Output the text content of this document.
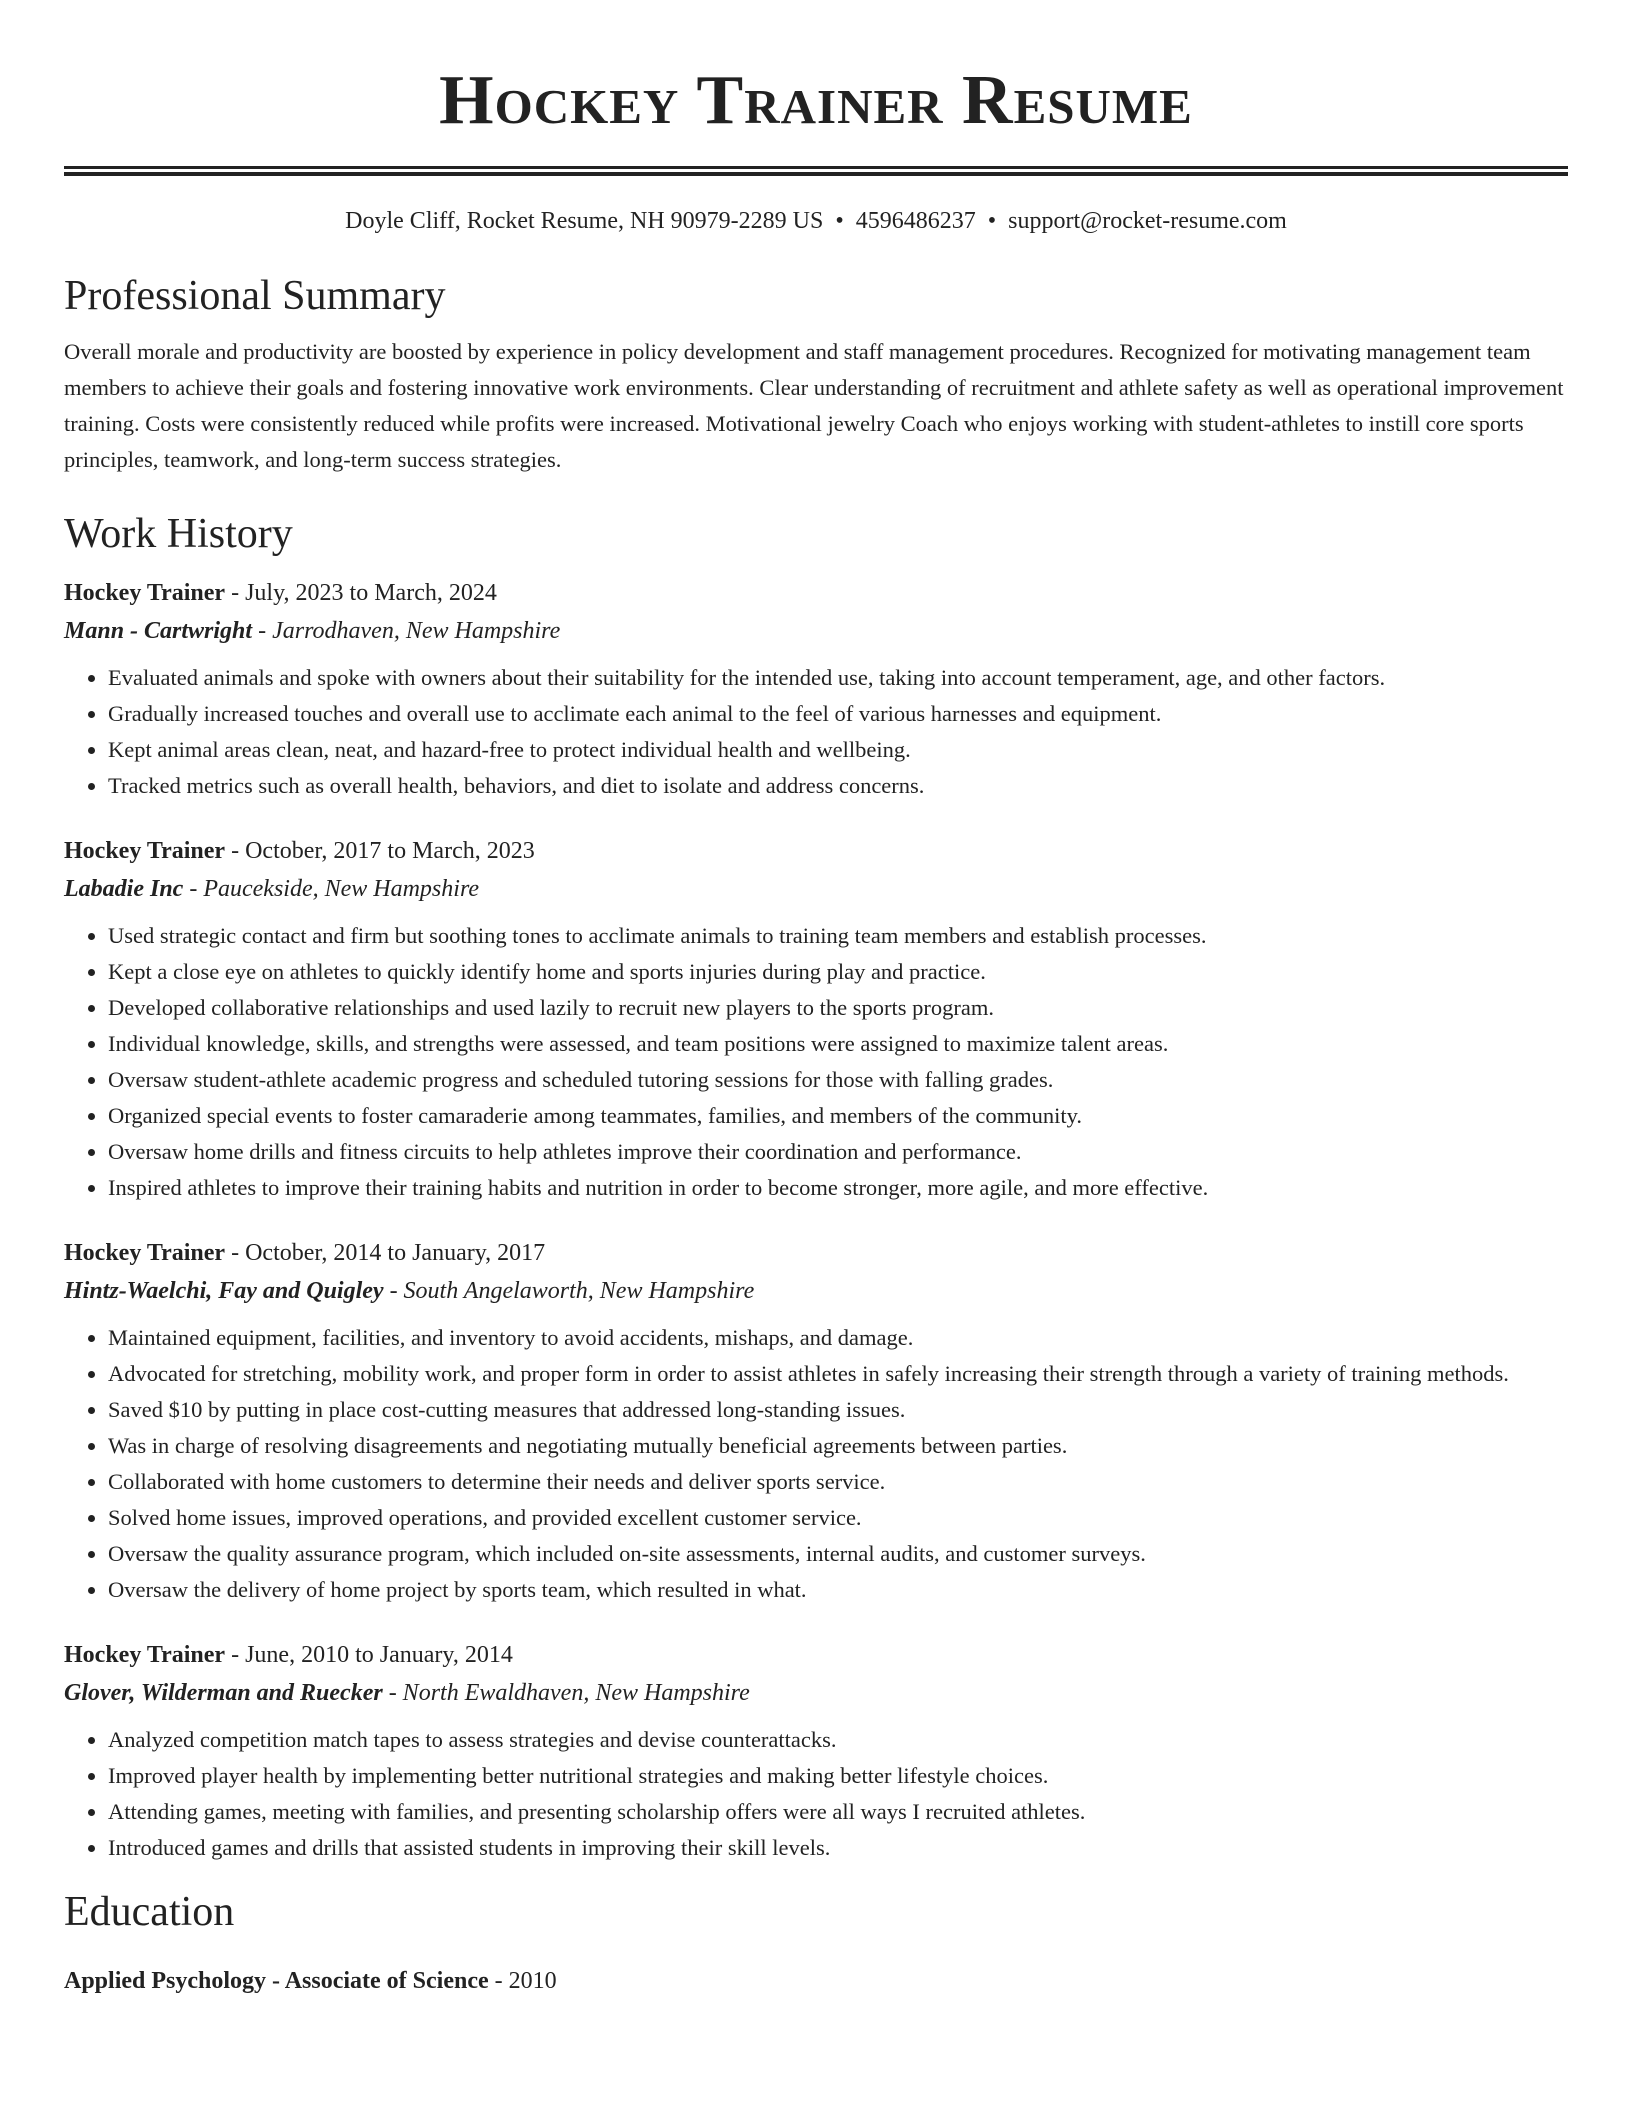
Hockey Trainer Resume
Doyle Cliff, Rocket Resume, NH 90979-2289 US • 4596486237 • support@rocket-resume.com
Professional Summary

Overall morale and productivity are boosted by experience in policy development and staff management procedures. Recognized for motivating management team members to achieve their goals and fostering innovative work environments. Clear understanding of recruitment and athlete safety as well as operational improvement training. Costs were consistently reduced while profits were increased. Motivational jewelry Coach who enjoys working with student-athletes to instill core sports principles, teamwork, and long-term success strategies.

Work History
Hockey Trainer - July, 2023 to March, 2024
Mann - Cartwright - Jarrodhaven, New Hampshire
• Evaluated animals and spoke with owners about their suitability for the intended use, taking into account temperament, age, and other factors.
• Gradually increased touches and overall use to acclimate each animal to the feel of various harnesses and equipment.
• Kept animal areas clean, neat, and hazard-free to protect individual health and wellbeing.
• Tracked metrics such as overall health, behaviors, and diet to isolate and address concerns.
Hockey Trainer - October, 2017 to March, 2023
Labadie Inc - Paucekside, New Hampshire
• Used strategic contact and firm but soothing tones to acclimate animals to training team members and establish processes.
• Kept a close eye on athletes to quickly identify home and sports injuries during play and practice.
• Developed collaborative relationships and used lazily to recruit new players to the sports program.
• Individual knowledge, skills, and strengths were assessed, and team positions were assigned to maximize talent areas.
• Oversaw student-athlete academic progress and scheduled tutoring sessions for those with falling grades.
• Organized special events to foster camaraderie among teammates, families, and members of the community.
• Oversaw home drills and fitness circuits to help athletes improve their coordination and performance.
• Inspired athletes to improve their training habits and nutrition in order to become stronger, more agile, and more effective.
Hockey Trainer - October, 2014 to January, 2017
Hintz-Waelchi, Fay and Quigley - South Angelaworth, New Hampshire
• Maintained equipment, facilities, and inventory to avoid accidents, mishaps, and damage.
• Advocated for stretching, mobility work, and proper form in order to assist athletes in safely increasing their strength through a variety of training methods.
• Saved $10 by putting in place cost-cutting measures that addressed long-standing issues.
• Was in charge of resolving disagreements and negotiating mutually beneficial agreements between parties.
• Collaborated with home customers to determine their needs and deliver sports service.
• Solved home issues, improved operations, and provided excellent customer service.
• Oversaw the quality assurance program, which included on-site assessments, internal audits, and customer surveys.
• Oversaw the delivery of home project by sports team, which resulted in what.
Hockey Trainer - June, 2010 to January, 2014
Glover, Wilderman and Ruecker - North Ewaldhaven, New Hampshire
• Analyzed competition match tapes to assess strategies and devise counterattacks.
• Improved player health by implementing better nutritional strategies and making better lifestyle choices.
• Attending games, meeting with families, and presenting scholarship offers were all ways I recruited athletes.
• Introduced games and drills that assisted students in improving their skill levels.
Education
Applied Psychology - Associate of Science - 2010
